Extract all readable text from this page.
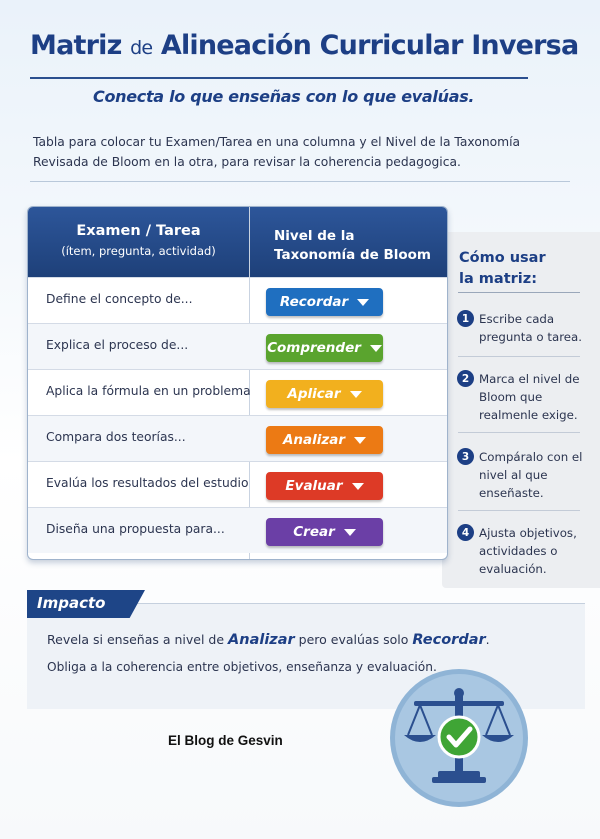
Matriz de Alineación Curricular Inversa
Conecta lo que enseñas con lo que evalúas.
Tabla para colocar tu Examen/Tarea en una columna y el Nivel de la Taxonomía Revisada de Bloom en la otra, para revisar la coherencia pedagogica.
Cómo usar
la matriz:
1 Escribe cada pregunta o tarea.
2 Marca el nivel de Bloom que realmenle exige.
3 Compáralo con el nivel al que enseñaste.
4 Ajusta objetivos, actividades o evaluación.
Examen / Tarea
(ítem, pregunta, actividad)
Nivel de la
Taxonomía de Bloom
Define el concepto de...	Recordar
Explica el proceso de...	Comprender
Aplica la fórmula en un problema	Aplicar
Compara dos teorías...	Analizar
Evalúa los resultados del estudio	Evaluar
Diseña una propuesta para...	Crear
Impacto
Revela si enseñas a nivel de Analizar pero evalúas solo Recordar.
Obliga a la coherencia entre objetivos, enseñanza y evaluación.
El Blog de Gesvin
